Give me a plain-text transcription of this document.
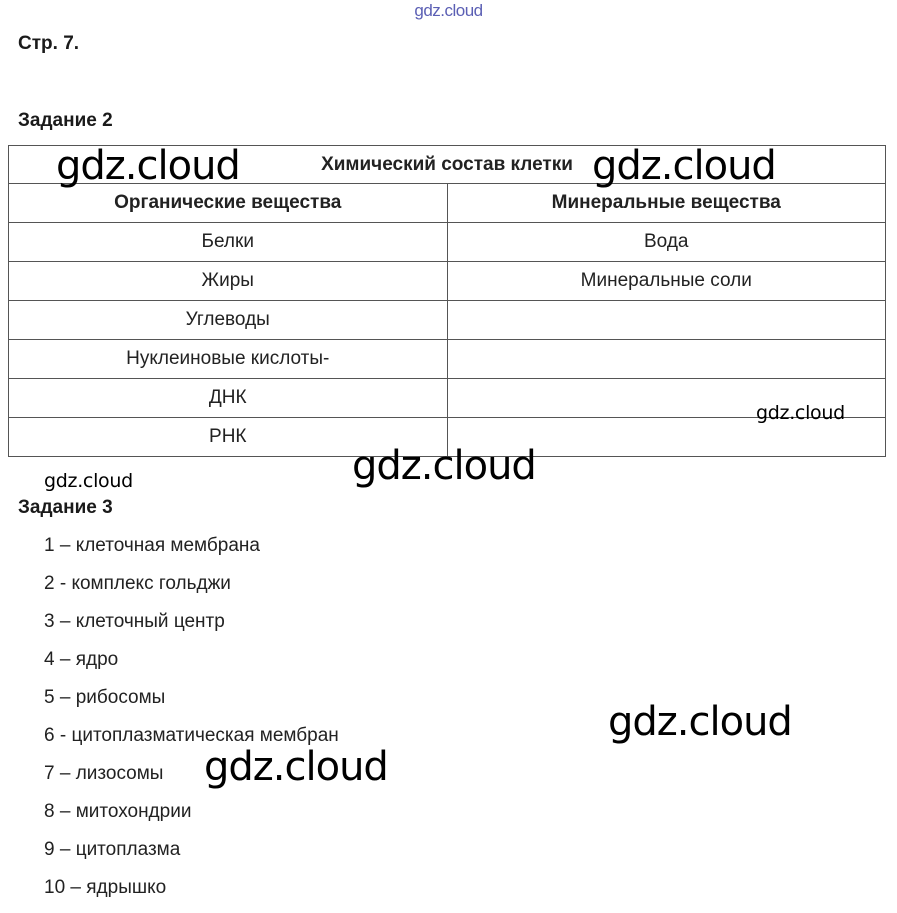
gdz.cloud
Стр. 7.
Задание 2
Химический состав клетки	
Органические вещества	Минеральные вещества
Белки	Вода
Жиры	Минеральные соли
Углеводы	
Нуклеиновые кислоты-	
ДНК	
РНК	
Задание 3
1 – клеточная мембрана
2 - комплекс гольджи
3 – клеточный центр
4 – ядро
5 – рибосомы
6 - цитоплазматическая мембран
7 – лизосомы
8 – митохондрии
9 – цитоплазма
10 – ядрышко
gdz.cloud	gdz.cloud
gdz.cloud
gdz.cloud
gdz.cloud
gdz.cloud
gdz.cloud
